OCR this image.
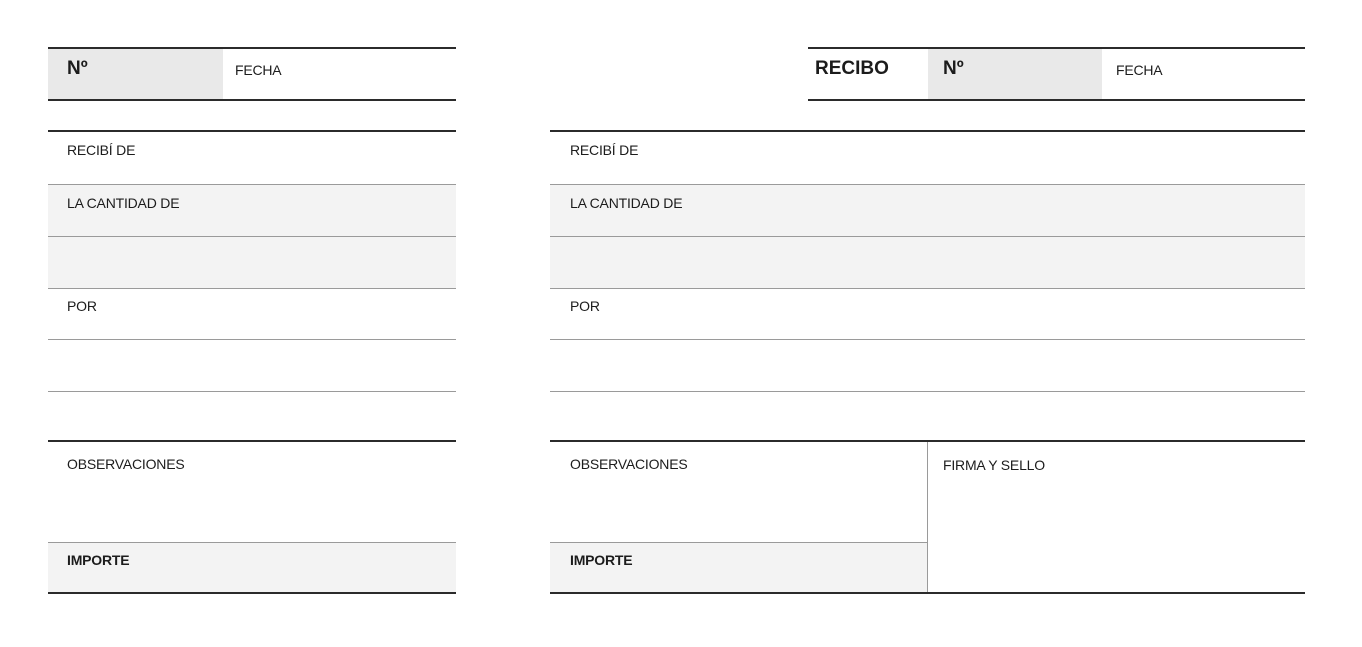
Nº	FECHA
RECIBÍ DE
LA CANTIDAD DE
POR
OBSERVACIONES
IMPORTE
RECIBO	Nº	FECHA
RECIBÍ DE
LA CANTIDAD DE
POR
OBSERVACIONES
IMPORTE
FIRMA Y SELLO
